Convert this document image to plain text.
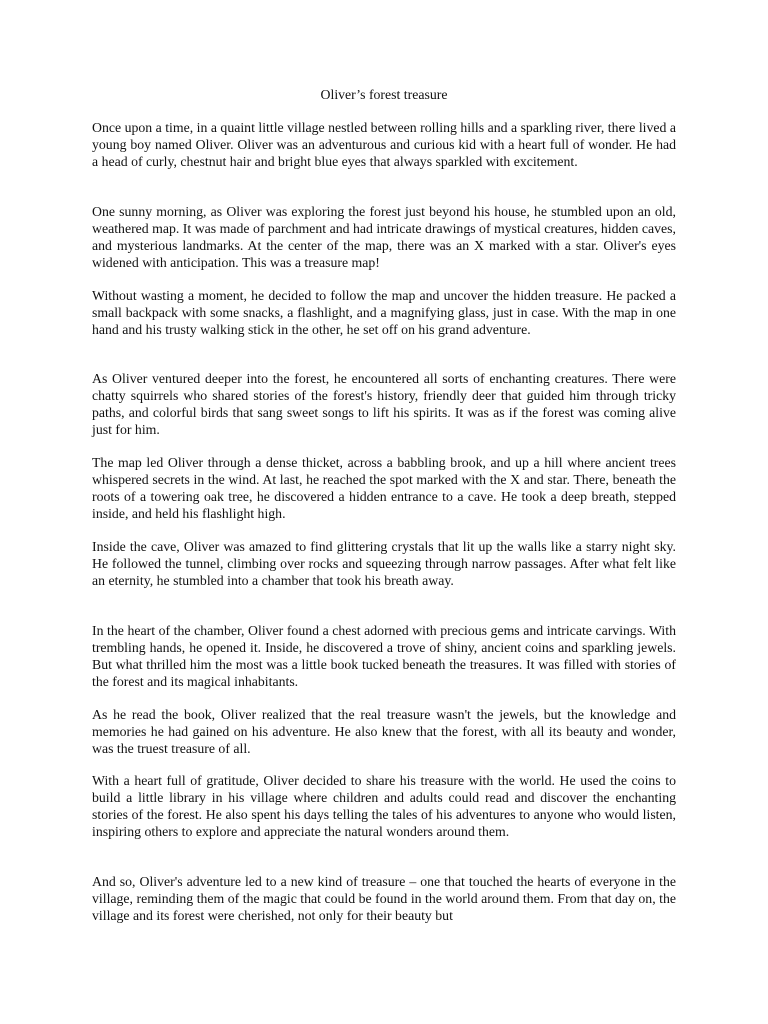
Oliver’s forest treasure

Once upon a time, in a quaint little village nestled between rolling hills and a sparkling river, there lived a young boy named Oliver. Oliver was an adventurous and curious kid with a heart full of wonder. He had a head of curly, chestnut hair and bright blue eyes that always sparkled with excitement.

One sunny morning, as Oliver was exploring the forest just beyond his house, he stumbled upon an old, weathered map. It was made of parchment and had intricate drawings of mystical creatures, hidden caves, and mysterious landmarks. At the center of the map, there was an X marked with a star. Oliver's eyes widened with anticipation. This was a treasure map!

Without wasting a moment, he decided to follow the map and uncover the hidden treasure. He packed a small backpack with some snacks, a flashlight, and a magnifying glass, just in case. With the map in one hand and his trusty walking stick in the other, he set off on his grand adventure.

As Oliver ventured deeper into the forest, he encountered all sorts of enchanting creatures. There were chatty squirrels who shared stories of the forest's history, friendly deer that guided him through tricky paths, and colorful birds that sang sweet songs to lift his spirits. It was as if the forest was coming alive just for him.

The map led Oliver through a dense thicket, across a babbling brook, and up a hill where ancient trees whispered secrets in the wind. At last, he reached the spot marked with the X and star. There, beneath the roots of a towering oak tree, he discovered a hidden entrance to a cave. He took a deep breath, stepped inside, and held his flashlight high.

Inside the cave, Oliver was amazed to find glittering crystals that lit up the walls like a starry night sky. He followed the tunnel, climbing over rocks and squeezing through narrow passages. After what felt like an eternity, he stumbled into a chamber that took his breath away.

In the heart of the chamber, Oliver found a chest adorned with precious gems and intricate carvings. With trembling hands, he opened it. Inside, he discovered a trove of shiny, ancient coins and sparkling jewels. But what thrilled him the most was a little book tucked beneath the treasures. It was filled with stories of the forest and its magical inhabitants.

As he read the book, Oliver realized that the real treasure wasn't the jewels, but the knowledge and memories he had gained on his adventure. He also knew that the forest, with all its beauty and wonder, was the truest treasure of all.

With a heart full of gratitude, Oliver decided to share his treasure with the world. He used the coins to build a little library in his village where children and adults could read and discover the enchanting stories of the forest. He also spent his days telling the tales of his adventures to anyone who would listen, inspiring others to explore and appreciate the natural wonders around them.

And so, Oliver's adventure led to a new kind of treasure – one that touched the hearts of everyone in the village, reminding them of the magic that could be found in the world around them. From that day on, the village and its forest were cherished, not only for their beauty but
